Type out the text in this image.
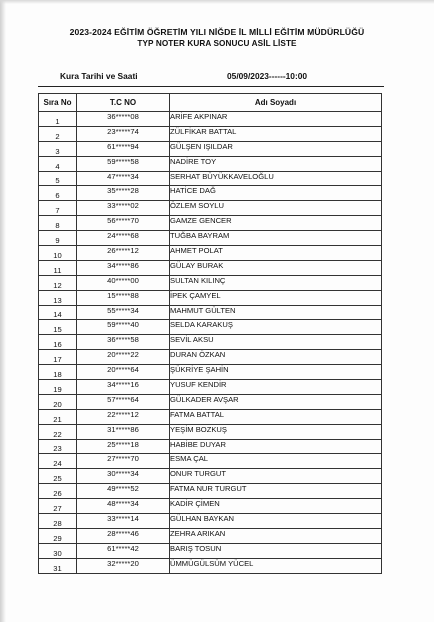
2023-2024 EĞİTİM ÖĞRETİM YILI NİĞDE İL MİLLİ EĞİTİM MÜDÜRLÜĞÜ
TYP NOTER KURA SONUCU ASİL LİSTE
Kura Tarihi ve Saati	05/09/2023------10:00
Sıra No	T.C NO	Adı Soyadı
1	36*****08	ARİFE AKPINAR
2	23*****74	ZÜLFİKAR BATTAL
3	61*****94	GÜLŞEN IŞILDAR
4	59*****58	NADİRE TOY
5	47*****34	SERHAT BÜYÜKKAVELOĞLU
6	35*****28	HATİCE DAĞ
7	33*****02	ÖZLEM SOYLU
8	56*****70	GAMZE GENCER
9	24*****68	TUĞBA BAYRAM
10	26*****12	AHMET POLAT
11	34*****86	GÜLAY BURAK
12	40*****00	SULTAN KILINÇ
13	15*****88	İPEK ÇAMYEL
14	55*****34	MAHMUT GÜLTEN
15	59*****40	SELDA KARAKUŞ
16	36*****58	SEVİL AKSU
17	20*****22	DURAN ÖZKAN
18	20*****64	ŞÜKRİYE ŞAHİN
19	34*****16	YUSUF KENDİR
20	57*****64	GÜLKADER AVŞAR
21	22*****12	FATMA BATTAL
22	31*****86	YEŞİM BOZKUŞ
23	25*****18	HABİBE DUYAR
24	27*****70	ESMA ÇAL
25	30*****34	ONUR TURGUT
26	49*****52	FATMA NUR TURGUT
27	48*****34	KADİR ÇİMEN
28	33*****14	GÜLHAN BAYKAN
29	28*****46	ZEHRA ARIKAN
30	61*****42	BARIŞ TOSUN
31	32*****20	ÜMMÜGÜLSÜM YÜCEL
